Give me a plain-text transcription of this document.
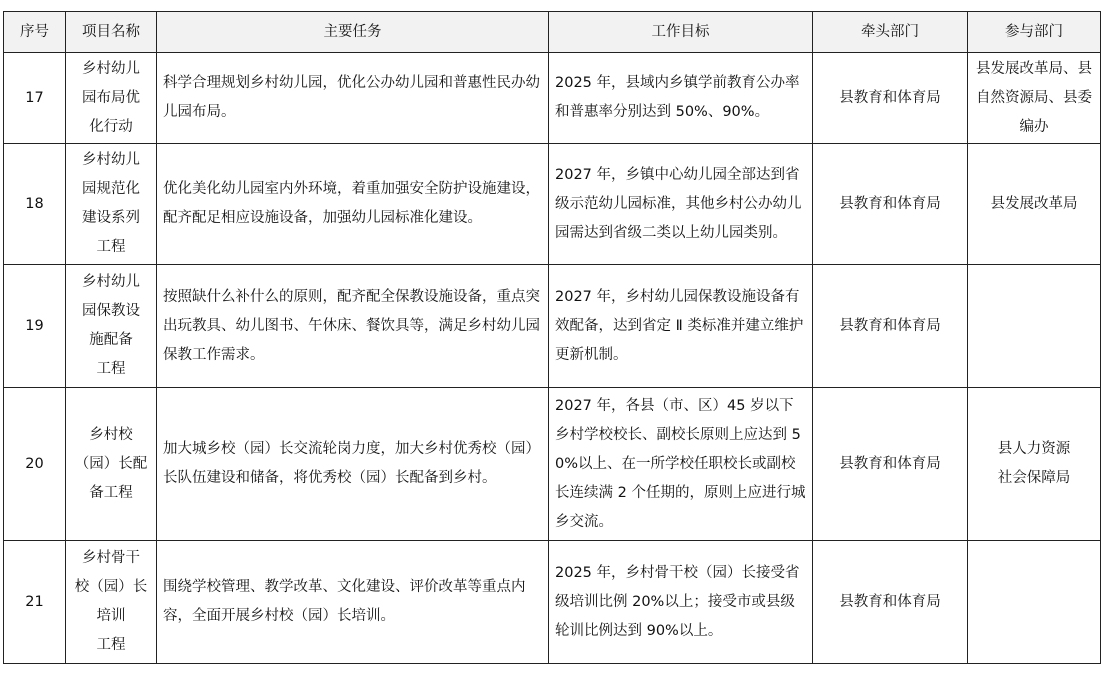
序号	项目名称	主要任务	工作目标	牵头部门	参与部门
17	乡村幼儿
园布局优
化行动	科学合理规划乡村幼儿园，优化公办幼儿园和普惠性民办幼儿园布局。	2025 年，县域内乡镇学前教育公办率和普惠率分别达到 50%、90%。	县教育和体育局	县发展改革局、县
自然资源局、县委
编办

18	乡村幼儿
园规范化
建设系列
工程	优化美化幼儿园室内外环境，着重加强安全防护设施建设，配齐配足相应设施设备，加强幼儿园标准化建设。	2027 年，乡镇中心幼儿园全部达到省级示范幼儿园标准，其他乡村公办幼儿园需达到省级二类以上幼儿园类别。	县教育和体育局	县发展改革局

19	乡村幼儿
园保教设
施配备
工程	按照缺什么补什么的原则，配齐配全保教设施设备，重点突出玩教具、幼儿图书、午休床、餐饮具等，满足乡村幼儿园保教工作需求。	2027 年，乡村幼儿园保教设施设备有效配备，达到省定 Ⅱ 类标准并建立维护更新机制。	县教育和体育局	
20	乡村校
（园）长配
备工程	加大城乡校（园）长交流轮岗力度，加大乡村优秀校（园）长队伍建设和储备，将优秀校（园）长配备到乡村。	2027 年，各县（市、区）45 岁以下乡村学校校长、副校长原则上应达到 50%以上、在一所学校任职校长或副校长连续满 2 个任期的，原则上应进行城乡交流。	县教育和体育局	县人力资源
社会保障局

21	乡村骨干
校（园）长
培训
工程	围绕学校管理、教学改革、文化建设、评价改革等重点内容，全面开展乡村校（园）长培训。	2025 年，乡村骨干校（园）长接受省级培训比例 20%以上；接受市或县级轮训比例达到 90%以上。	县教育和体育局	
